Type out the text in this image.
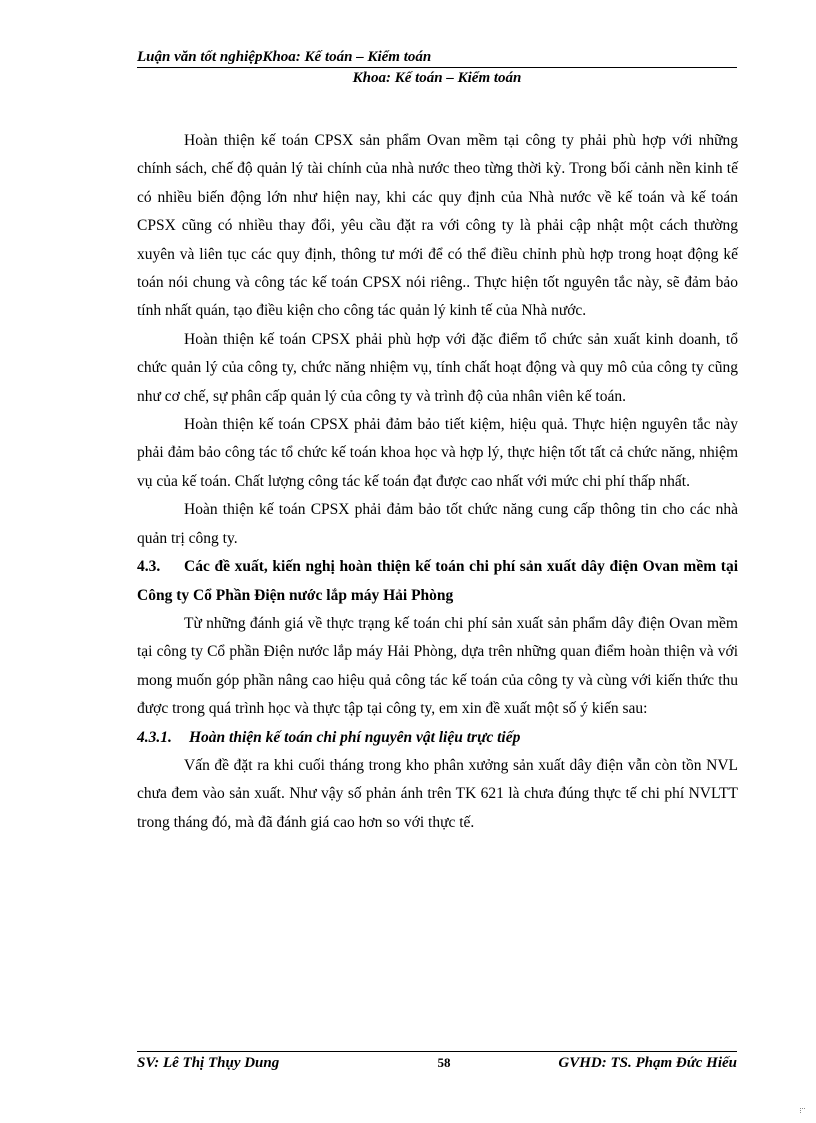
Luận văn tốt nghiệpKhoa: Kế toán – Kiểm toán
Khoa: Kế toán – Kiểm toán

Hoàn thiện kế toán CPSX sản phẩm Ovan mềm tại công ty phải phù hợp với những chính sách, chế độ quản lý tài chính của nhà nước theo từng thời kỳ. Trong bối cảnh nền kinh tế có nhiều biến động lớn như hiện nay, khi các quy định của Nhà nước về kế toán và kế toán CPSX cũng có nhiều thay đổi, yêu cầu đặt ra với công ty là phải cập nhật một cách thường xuyên và liên tục các quy định, thông tư mới để có thể điều chỉnh phù hợp trong hoạt động kế toán nói chung và công tác kế toán CPSX nói riêng.. Thực hiện tốt nguyên tắc này, sẽ đảm bảo tính nhất quán, tạo điều kiện cho công tác quản lý kinh tế của Nhà nước.

Hoàn thiện kế toán CPSX phải phù hợp với đặc điểm tổ chức sản xuất kinh doanh, tổ chức quản lý của công ty, chức năng nhiệm vụ, tính chất hoạt động và quy mô của công ty cũng như cơ chế, sự phân cấp quản lý của công ty và trình độ của nhân viên kế toán.

Hoàn thiện kế toán CPSX phải đảm bảo tiết kiệm, hiệu quả. Thực hiện nguyên tắc này phải đảm bảo công tác tổ chức kế toán khoa học và hợp lý, thực hiện tốt tất cả chức năng, nhiệm vụ của kế toán. Chất lượng công tác kế toán đạt được cao nhất với mức chi phí thấp nhất.

Hoàn thiện kế toán CPSX phải đảm bảo tốt chức năng cung cấp thông tin cho các nhà quản trị công ty.

4.3. Các đề xuất, kiến nghị hoàn thiện kế toán chi phí sản xuất dây điện Ovan mềm tại Công ty Cổ Phần Điện nước lắp máy Hải Phòng

Từ những đánh giá về thực trạng kế toán chi phí sản xuất sản phẩm dây điện Ovan mềm tại công ty Cổ phần Điện nước lắp máy Hải Phòng, dựa trên những quan điểm hoàn thiện và với mong muốn góp phần nâng cao hiệu quả công tác kế toán của công ty và cùng với kiến thức thu được trong quá trình học và thực tập tại công ty, em xin đề xuất một số ý kiến sau:

4.3.1. Hoàn thiện kế toán chi phí nguyên vật liệu trực tiếp

Vấn đề đặt ra khi cuối tháng trong kho phân xưởng sản xuất dây điện vẫn còn tồn NVL chưa đem vào sản xuất. Như vậy số phản ánh trên TK 621 là chưa đúng thực tế chi phí NVLTT trong tháng đó, mà đã đánh giá cao hơn so với thực tế.

SV: Lê Thị Thụy Dung	58	GVHD: TS. Phạm Đức Hiếu
